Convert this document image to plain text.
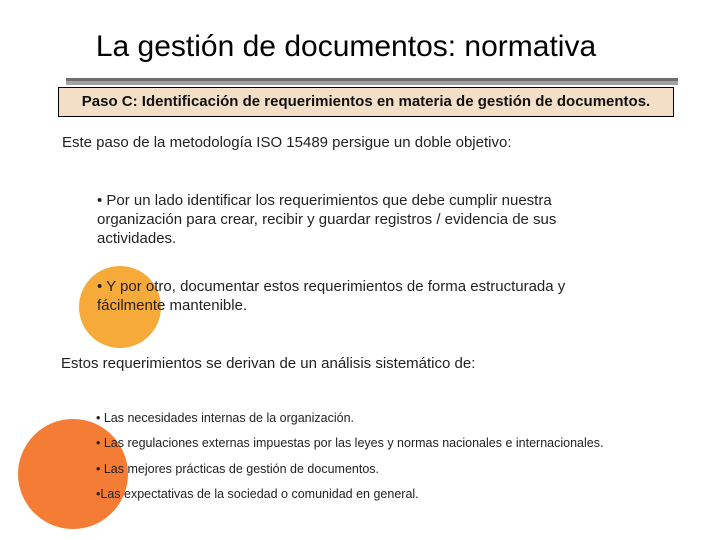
La gestión de documentos: normativa
Paso C: Identificación de requerimientos en materia de gestión de documentos.
Este paso de la metodología ISO 15489 persigue un doble objetivo:
• Por un lado identificar los requerimientos que debe cumplir nuestra organización para crear, recibir y guardar registros / evidencia de sus actividades.
• Y por otro, documentar estos requerimientos de forma estructurada y fácilmente mantenible.
Estos requerimientos se derivan de un análisis sistemático de:
• Las necesidades internas de la organización.
• Las regulaciones externas impuestas por las leyes y normas nacionales e internacionales.
• Las mejores prácticas de gestión de documentos.
•Las expectativas de la sociedad o comunidad en general.
